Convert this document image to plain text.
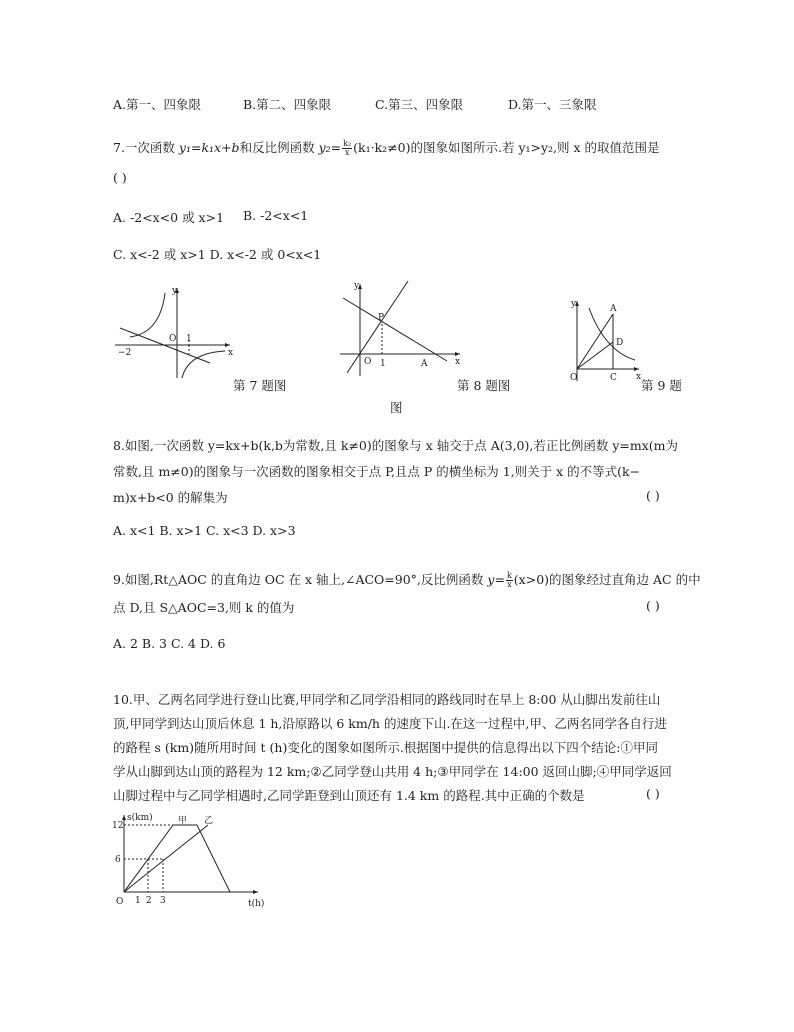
A.第一、四象限	B.第二、四象限	C.第三、四象限	D.第一、三象限
7.一次函数 y₁=k₁x+b和反比例函数 $y_2= \frac{\text{k₂}}{x} (k_1\cdot k_2\ne 0)$的图象如图所示.若 y₁>y₂,则 x 的取值范围是
( )
A. -2<x<0 或 x>1 B. -2<x<1
C. x<-2 或 x>1 D. x<-2 或 0<x<1
y
x
O 1
−2
第 7 题图
y
x
O 1
P
A
第 8 题图
图
y
x
O
A
C
D
第 9 题
8.如图,一次函数 y=kx+b(k,b为常数,且 k≠0)的图象与 x 轴交于点 A(3,0),若正比例函数 y=mx(m为
常数,且 m≠0)的图象与一次函数的图象相交于点 P,且点 P 的横坐标为 1,则关于 x 的不等式(k−
m)x+b<0 的解集为	( )
A. x<1 B. x>1 C. x<3 D. x>3
9.如图,Rt△AOC 的直角边 OC 在 x 轴上,∠ACO=90°,反比例函数 $y= \frac{k}{x} (x>0)$的图象经过直角边 AC 的中
点 D,且 S△AOC=3,则 k 的值为	( )
A. 2 B. 3 C. 4 D. 6
10.甲、乙两名同学进行登山比赛,甲同学和乙同学沿相同的路线同时在早上 8:00 从山脚出发前往山
顶,甲同学到达山顶后休息 1 h,沿原路以 6 km/h 的速度下山.在这一过程中,甲、乙两名同学各自行进
的路程 s (km)随所用时间 t (h)变化的图象如图所示.根据图中提供的信息得出以下四个结论:①甲同
学从山脚到达山顶的路程为 12 km;②乙同学登山共用 4 h;③甲同学在 14:00 返回山脚;④甲同学返回
山脚过程中与乙同学相遇时,乙同学距登到山顶还有 1.4 km 的路程.其中正确的个数是	( )
s(km)
t(h)
O
甲 乙
12
6
1 2 3
